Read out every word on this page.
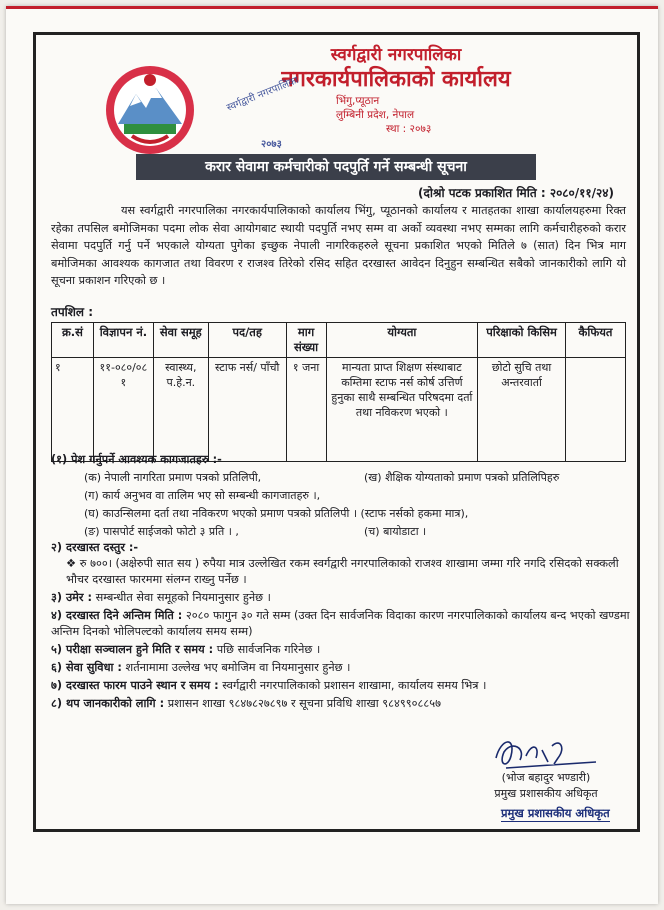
स्वर्गद्वारी नगरपालिका
नगरकार्यपालिकाको कार्यालय
भिंगु,प्यूठान
लुम्बिनी प्रदेश, नेपाल
स्था : २०७३
स्वर्गद्वारी नगरपालिका
२०७३
करार सेवामा कर्मचारीको पदपुर्ति गर्ने सम्बन्धी सूचना
(दोश्रो पटक प्रकाशित मिति : २०८०/११/२४)
यस स्वर्गद्वारी नगरपालिका नगरकार्यपालिकाको कार्यालय भिंगु, प्यूठानको कार्यालय र मातहतका शाखा कार्यालयहरुमा रिक्त रहेका तपसिल बमोजिमका पदमा लोक सेवा आयोगबाट स्थायी पदपुर्ति नभए सम्म वा अर्को व्यवस्था नभए सम्मका लागि कर्मचारीहरुको करार सेवामा पदपुर्ति गर्नु पर्ने भएकाले योग्यता पुगेका इच्छुक नेपाली नागरिकहरुले सूचना प्रकाशित भएको मितिले ७ (सात) दिन भित्र माग बमोजिमका आवश्यक कागजात तथा विवरण र राजश्व तिरेको रसिद सहित दरखास्त आवेदन दिनुहुन सम्बन्धित सबैको जानकारीको लागि यो सूचना प्रकाशन गरिएको छ ।
तपशिल :
क्र.सं	विज्ञापन नं.	सेवा समूह	पद/तह	माग संख्या	योग्यता	परिक्षाको किसिम	कैफियत
१	११-०८०/०८१	स्वास्थ्य, प.हे.न.	स्टाफ नर्स/ पाँचौ	१ जना	मान्यता प्राप्त शिक्षण संस्थाबाट कम्तिमा स्टाफ नर्स कोर्ष उत्तिर्ण हुनुका साथै सम्बन्धित परिषदमा दर्ता तथा नविकरण भएको ।	छोटो सुचि तथा अन्तरवार्ता	
(१) पेश गर्नुपर्ने आवश्यक कागजातहरु :-
(क) नेपाली नागरिता प्रमाण पत्रको प्रतिलिपी,	(ख) शैक्षिक योग्यताको प्रमाण पत्रको प्रतिलिपिहरु
(ग) कार्य अनुभव वा तालिम भए सो सम्बन्धी कागजातहरु ।,
(घ) काउन्सिलमा दर्ता तथा नविकरण भएको प्रमाण पत्रको प्रतिलिपी । (स्टाफ नर्सको हकमा मात्र),
(ङ) पासपोर्ट साईजको फोटो ३ प्रति । ,	(च) बायोडाटा ।
२) दरखास्त दस्तुर :-
❖ रु ७००। (अक्षेरुपी सात सय ) रुपैया मात्र उल्लेखित रकम स्वर्गद्वारी नगरपालिकाको राजश्व शाखामा जम्मा गरि नगदि रसिदको सक्कली भौचर दरखास्त फारममा संलग्न राख्नु पर्नेछ ।
३) उमेर : सम्बन्धीत सेवा समूहको नियमानुसार हुनेछ ।
४) दरखास्त दिने अन्तिम मिति : २०८० फागुन ३० गते सम्म (उक्त दिन सार्वजनिक विदाका कारण नगरपालिकाको कार्यालय बन्द भएको खण्डमा अन्तिम दिनको भोलिपल्टको कार्यालय समय सम्म)
५) परीक्षा सञ्चालन हुने मिति र समय : पछि सार्वजनिक गरिनेछ ।
६) सेवा सुविधा : शर्तनामामा उल्लेख भए बमोजिम वा नियमानुसार हुनेछ ।
७) दरखास्त फारम पाउने स्थान र समय : स्वर्गद्वारी नगरपालिकाको प्रशासन शाखामा, कार्यालय समय भित्र ।
८) थप जानकारीको लागि : प्रशासन शाखा ९८४७८२७८९७ र सूचना प्रविधि शाखा ९८४९९०८८५७
(भोज बहादुर भण्डारी)
प्रमुख प्रशासकीय अधिकृत
प्रमुख प्रशासकीय अधिकृत
